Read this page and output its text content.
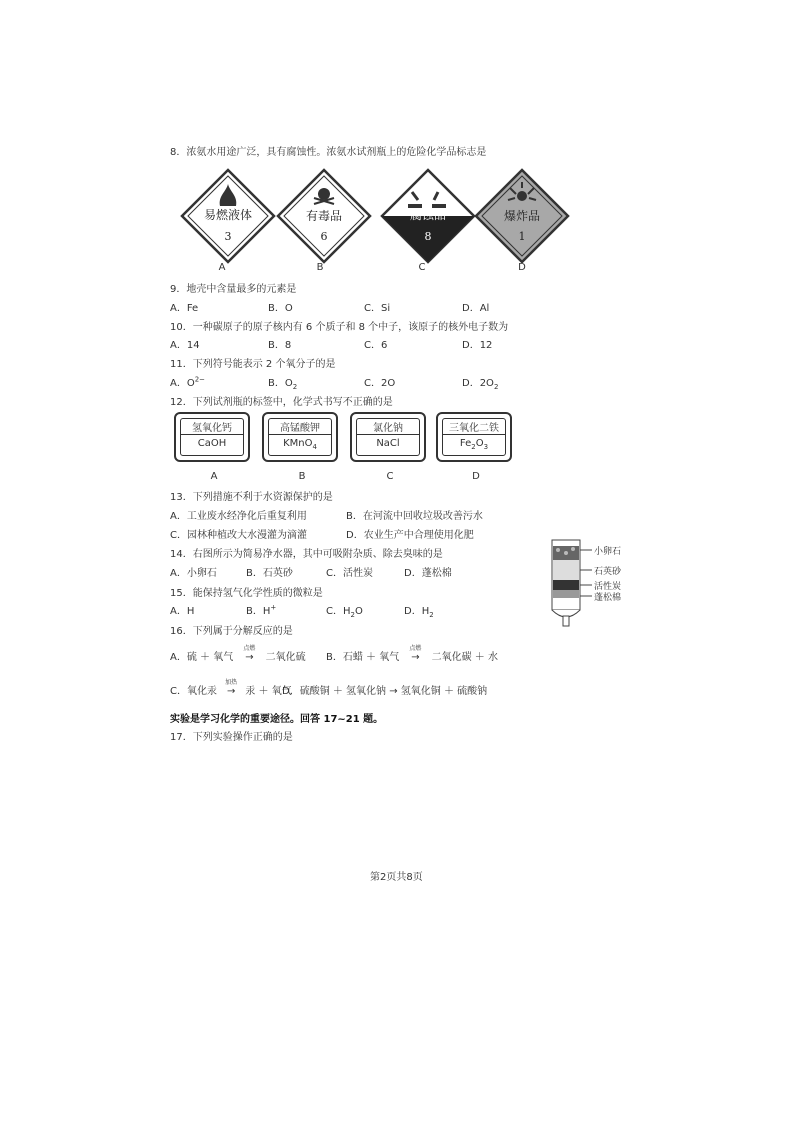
8．浓氨水用途广泛，具有腐蚀性。浓氨水试剂瓶上的危险化学品标志是
易燃液体
3
有毒品
6
腐蚀品
8
爆炸品
1
A	B	C	D
9．地壳中含量最多的元素是
A．Fe	B．O	C．Si	D．Al
10．一种碳原子的原子核内有 6 个质子和 8 个中子，该原子的核外电子数为
A．14	B．8	C．6	D．12
11．下列符号能表示 2 个氧分子的是
A．$O^{2-}$	B．$O_2$	C．2O	D．$2O_2$
12．下列试剂瓶的标签中，化学式书写不正确的是
氢氧化钙
CaOH
高锰酸钾
KMnO$_4$
氯化钠
NaCl
三氧化二铁
$Fe_2O_3$
A	B	C	D
13．下列措施不利于水资源保护的是
A．工业废水经净化后重复利用	B．在河流中回收垃圾改善污水
C．园林种植改大水漫灌为滴灌	D．农业生产中合理使用化肥
14．右图所示为简易净水器，其中可吸附杂质、除去臭味的是
A．小卵石	B．石英砂	C．活性炭	D．蓬松棉
小卵石
石英砂
活性炭
蓬松棉
15．能保持氢气化学性质的微粒是
A．H	B．H+	C．$H_2O$	D．$H_2$
16．下列属于分解反应的是
A．硫 ＋ 氧气
点燃
→ 二氧化硫 B．石蜡 ＋ 氧气
点燃
→ 二氧化碳 ＋ 水
C．氧化汞
加热
→ 汞 ＋ 氧气
D．硫酸铜 ＋ 氢氧化钠 → 氢氧化铜 ＋ 硫酸钠
实验是学习化学的重要途径。回答 17~21 题。
17．下列实验操作正确的是
第2页共8页
